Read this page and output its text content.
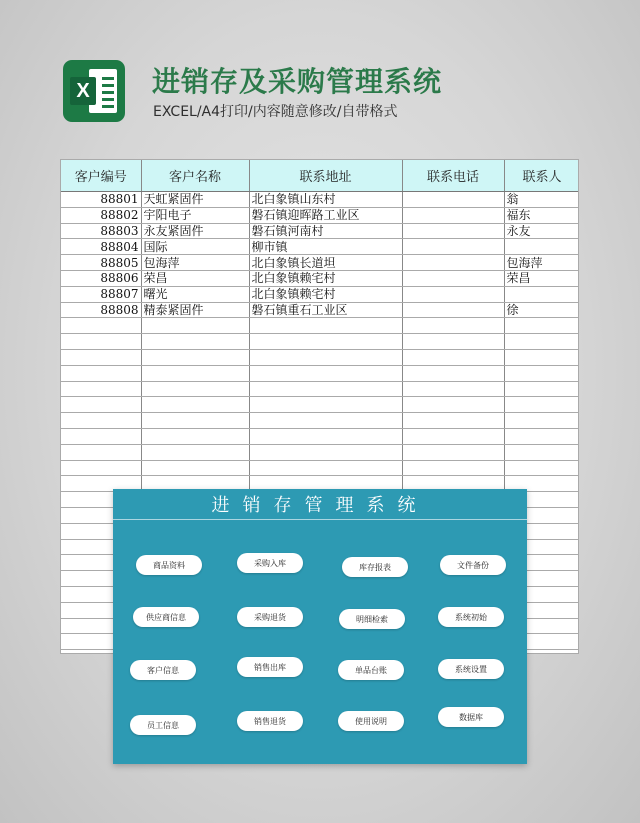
X 进销存及采购管理系统
EXCEL/A4打印/内容随意修改/自带格式
客户编号	客户名称	联系地址	联系电话	联系人
88801	天虹紧固件	北白象镇山东村		翁
88802	宇阳电子	磐石镇迎晖路工业区		福东
88803	永友紧固件	磐石镇河南村		永友
88804	国际	柳市镇		
88805	包海萍	北白象镇长道坦		包海萍
88806	荣昌	北白象镇赖宅村		荣昌
88807	曙光	北白象镇赖宅村		
88808	精泰紧固件	磐石镇重石工业区		徐

进销存管理系统
商品资料	采购入库	库存报表	文件备份
供应商信息	采购退货	明细检索	系统初始
客户信息	销售出库	单品台账	系统设置
员工信息	销售退货	使用说明	数据库
